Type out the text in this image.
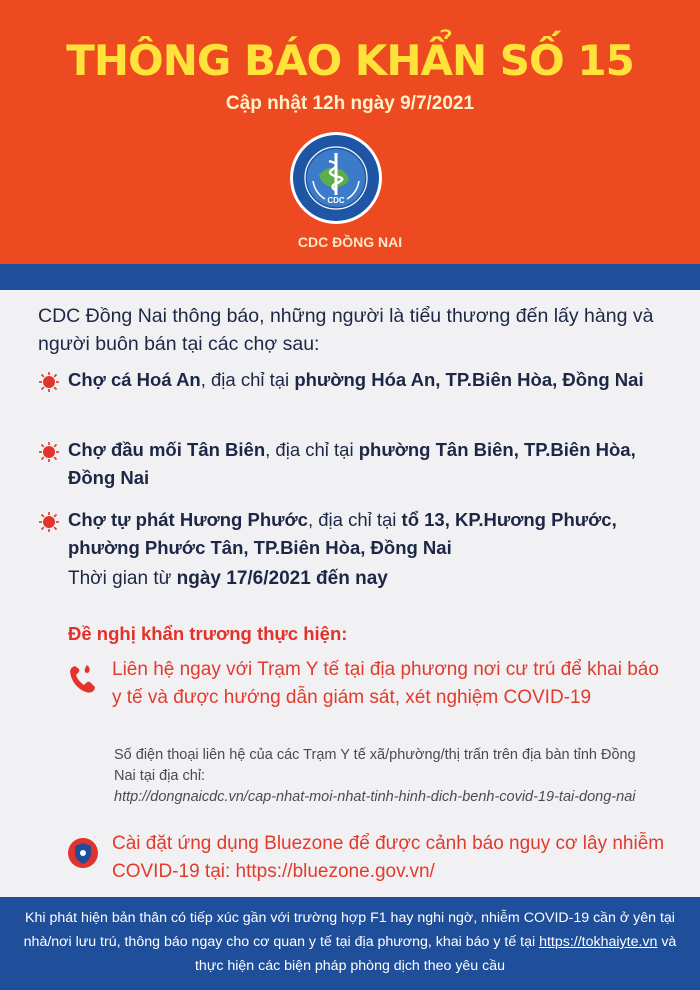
THÔNG BÁO KHẨN SỐ 15
Cập nhật 12h ngày 9/7/2021
CDC
CDC ĐỒNG NAI
CDC Đồng Nai thông báo, những người là tiểu thương đến lấy hàng và người buôn bán tại các chợ sau:
Chợ cá Hoá An, địa chỉ tại phường Hóa An, TP.Biên Hòa, Đồng Nai
Chợ đầu mối Tân Biên, địa chỉ tại phường Tân Biên, TP.Biên Hòa, Đồng Nai
Chợ tự phát Hương Phước, địa chỉ tại tổ 13, KP.Hương Phước, phường Phước Tân, TP.Biên Hòa, Đồng Nai
Thời gian từ ngày 17/6/2021 đến nay
Đề nghị khẩn trương thực hiện:
Liên hệ ngay với Trạm Y tế tại địa phương nơi cư trú để khai báo y tế và được hướng dẫn giám sát, xét nghiệm COVID-19
Số điện thoại liên hệ của các Trạm Y tế xã/phường/thị trấn trên địa bàn tỉnh Đồng Nai tại địa chỉ:
http://dongnaicdc.vn/cap-nhat-moi-nhat-tinh-hinh-dich-benh-covid-19-tai-dong-nai
Cài đặt ứng dụng Bluezone để được cảnh báo nguy cơ lây nhiễm COVID-19 tại: https://bluezone.gov.vn/
Khi phát hiện bản thân có tiếp xúc gần với trường hợp F1 hay nghi ngờ, nhiễm COVID-19 cần ở yên tại nhà/nơi lưu trú, thông báo ngay cho cơ quan y tế tại địa phương, khai báo y tế tại https://tokhaiyte.vn và thực hiện các biện pháp phòng dịch theo yêu cầu
